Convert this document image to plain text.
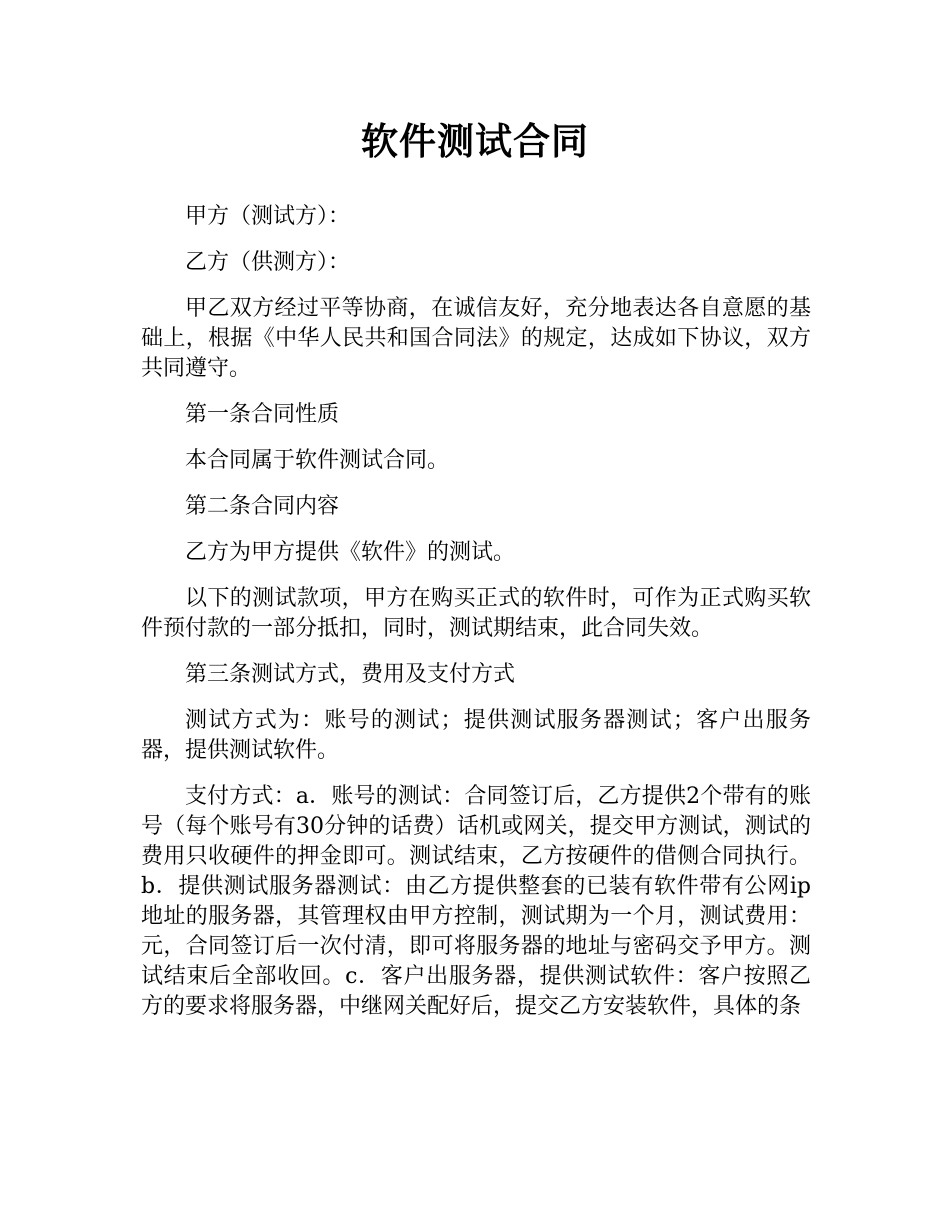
软件测试合同

甲方（测试方）：

乙方（供测方）：

甲乙双方经过平等协商，在诚信友好，充分地表达各自意愿的基础上，根据《中华人民共和国合同法》的规定，达成如下协议，双方共同遵守。

第一条合同性质

本合同属于软件测试合同。

第二条合同内容

乙方为甲方提供《软件》的测试。

以下的测试款项，甲方在购买正式的软件时，可作为正式购买软件预付款的一部分抵扣，同时，测试期结束，此合同失效。

第三条测试方式，费用及支付方式

测试方式为：账号的测试；提供测试服务器测试；客户出服务器，提供测试软件。

支付方式：a．账号的测试：合同签订后，乙方提供2个带有的账号（每个账号有30分钟的话费）话机或网关，提交甲方测试，测试的费用只收硬件的押金即可。测试结束，乙方按硬件的借侧合同执行。b．提供测试服务器测试：由乙方提供整套的已装有软件带有公网ip地址的服务器，其管理权由甲方控制，测试期为一个月，测试费用：元，合同签订后一次付清，即可将服务器的地址与密码交予甲方。测试结束后全部收回。c．客户出服务器，提供测试软件：客户按照乙方的要求将服务器，中继网关配好后，提交乙方安装软件，具体的条
